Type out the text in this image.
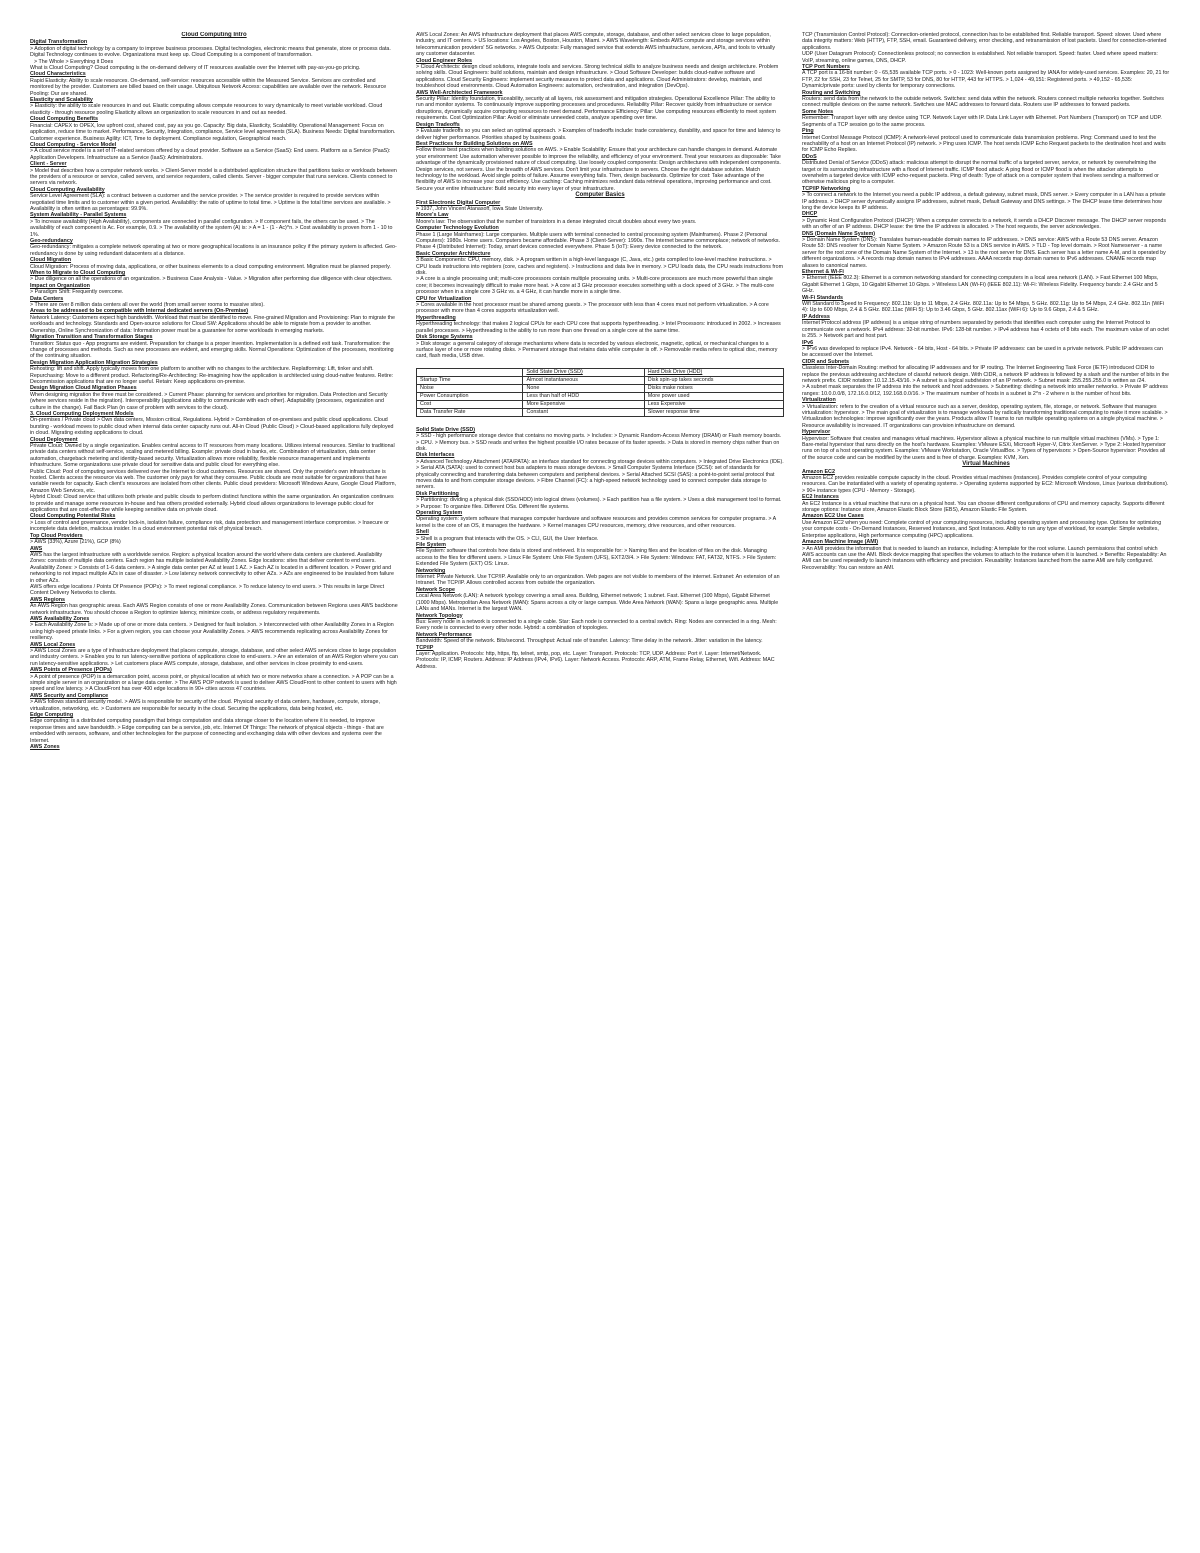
Cloud Computing Intro
Digital Transformation
> Adoption of digital technology by a company to improve business processes. Digital technologies, electronic means that generate, store or process data. Digital Technology continues to evolve. Organizations must keep up. Cloud Computing is a component of transformation.
> The Whole > Everything it Does
What is Cloud Computing? Cloud computing is the on-demand delivery of IT resources available over the Internet with pay-as-you-go pricing.
Cloud Characteristics
Rapid Elasticity: Ability to scale resources. On-demand, self-service: resources accessible within the Measured Service. Services are controlled and monitored by the provider. Customers are billed based on their usage. Ubiquitous Network Access: capabilities are available over the network. Resource Pooling: Our are shared.
Elasticity and Scalability
> Elasticity: the ability to scale resources in and out. Elastic computing allows compute resources to vary dynamically to meet variable workload. Cloud elasticity - through resource pooling Elasticity allows an organization to scale resources in and out as needed.
Cloud Computing Benefits
Financial: CAPEX to OPEX, low upfront cost, shared cost, pay as you go. Capacity: Big data, Elasticity, Scalability. Operational Management: Focus on application, reduce time to market. Performance, Security, Integration, compliance, Service level agreements (SLA). Business Needs: Digital transformation. Customer experience. Business Agility: ICT, Time to deployment. Compliance regulation, Geographical reach.
Cloud Computing - Service Model
> A cloud service model is a set of IT-related services offered by a cloud provider. Software as a Service (SaaS): End users. Platform as a Service (PaaS): Application Developers. Infrastructure as a Service (IaaS): Administrators.
Client - Server
> Model that describes how a computer network works. > Client-Server model is a distributed application structure that partitions tasks or workloads between the providers of a resource or service, called servers, and service requesters, called clients. Server - bigger computer that runs services. Clients connect to servers via network.
Cloud Computing Availability
Service Level Agreement (SLA): a contract between a customer and the service provider. > The service provider is required to provide services within negotiated time limits and to customer within a given period. Availability: the ratio of uptime to total time. > Uptime is the total time services are available. > Availability is often written as percentages: 99.9%.
System Availability - Parallel Systems
> To increase availability (High Availability), components are connected in parallel configuration. > If component fails, the others can be used. > The availability of each component is Ac. For example, 0.9. > The availability of the system (A) is: > A = 1 - (1 - Ac)^n. > Cost availability is proven from 1 - 10 to 1%.
Geo-redundancy
Geo-redundancy: mitigates a complete network operating at two or more geographical locations is an insurance policy if the primary system is affected. Geo-redundancy is done by using redundant datacenters at a distance.
Cloud Migration
Cloud Migration: Process of moving data, applications, or other business elements to a cloud computing environment. Migration must be planned properly.
When to Migrate to Cloud Computing
> Due diligence on all the operations of an organization. > Business Case Analysis - Value. > Migration after performing due diligence with clear objectives.
Impact on Organization
> Paradigm Shift: Frequently overcome.
Data Centers
> There are over 8 million data centers all over the world (from small server rooms to massive sites).
Areas to be addressed to be compatible with Internal dedicated servers (On-Premise)
Network Latency: Customers expect high bandwidth. Workload that must be identified to move. Fine-grained Migration and Provisioning: Plan to migrate the workloads and technology. Standards and Open-source solutions for Cloud SW: Applications should be able to migrate from a provider to another. Ownership, Online Synchronization of data: Information power must be a guarantee for some workloads in emerging markets.
Migration Transition and Transformation Stages
Transition: Status quo - App programs are evident. Preparation for change is a proper invention. Implementation is a defined exit task. Transformation: the change of processes and methods. Such as new processes are evident, and emerging skills. Normal Operations: Optimization of the processes, monitoring of the continuing situation.
Design Migration Application Migration Strategies
Rehosting: lift and shift. Apply typically moves from one platform to another with no changes to the architecture. Replatforming: Lift, tinker and shift. Repurchasing: Move to a different product. Refactoring/Re-Architecting: Re-imagining how the application is architected using cloud-native features. Retire: Decommission applications that are no longer useful. Retain: Keep applications on-premise.
Design Migration Cloud Migration Phases
When designing migration the three must be considered. > Current Phase: planning for services and priorities for migration. Data Protection and Security (where services reside in the migration). Interoperability (applications ability to communicate with each other). Adaptability (processes, organization and culture in the change). Fail Back Plan (in case of problem with services to the cloud).
3. Cloud Computing Deployment Models
On-premises / Private cloud > Own data centers, Mission critical, Regulations. Hybrid > Combination of on-premises and public cloud applications. Cloud bursting - workload moves to public cloud when internal data center capacity runs out. All-in Cloud (Public Cloud) > Cloud-based applications fully deployed in cloud. Migrating existing applications to cloud.
Cloud Deployment
Private Cloud: Owned by a single organization. Enables central access to IT resources from many locations. Utilizes internal resources. Similar to traditional private data centers without self-service, scaling and metered billing. Example: private cloud in banks, etc. Combination of virtualization, data center automation, chargeback metering and identity-based security. Virtualization allows more reliability, flexible resource management and implements infrastructure. Some organizations use private cloud for sensitive data and public cloud for everything else.
Public Cloud: Pool of computing services delivered over the Internet to cloud customers. Resources are shared. Only the provider's own infrastructure is hosted. Clients access the resource via web. The customer only pays for what they consume. Public clouds are most suitable for organizations that have variable needs for capacity. Each client's resources are isolated from other clients. Public cloud providers: Microsoft Windows Azure, Google Cloud Platform, Amazon Web Services, etc.
Hybrid Cloud: Cloud service that utilizes both private and public clouds to perform distinct functions within the same organization. An organization continues to provide and manage some resources in-house and has others provided externally. Hybrid cloud allows organizations to leverage public cloud for applications that are cost-effective while keeping sensitive data on private cloud.
Cloud Computing Potential Risks
> Loss of control and governance, vendor lock-in, isolation failure, compliance risk, data protection and management interface compromise. > Insecure or incomplete data deletion, malicious insider. In a cloud environment potential risk of physical breach.
Top Cloud Providers
> AWS (33%), Azure (21%), GCP (8%)
AWS
AWS has the largest infrastructure with a worldwide service. Region: a physical location around the world where data centers are clustered. Availability Zones: consists of multiple data centers. Each region has multiple isolated Availability Zones. Edge locations: sites that deliver content to end users.
Availability Zones: > Consists of 1-6 data centers. > A single data center per AZ at least 1 AZ. > Each AZ is located in a different location. > Power grid and networking to not impact multiple AZs in case of disaster. > Low latency network connectivity to other AZs. > AZs are engineered to be insulated from failure in other AZs.
AWS offers edge locations / Points Of Presence (POPs): > To meet regional compliance. > To reduce latency to end users. > This results in large Direct Content Delivery Networks to clients.
AWS Regions
An AWS Region has geographic areas. Each AWS Region consists of one or more Availability Zones. Communication between Regions uses AWS backbone network infrastructure. You should choose a Region to optimize latency, minimize costs, or address regulatory requirements.
AWS Availability Zones
> Each Availability Zone is: > Made up of one or more data centers. > Designed for fault isolation. > Interconnected with other Availability Zones in a Region using high-speed private links. > For a given region, you can choose your Availability Zones. > AWS recommends replicating across Availability Zones for resiliency.
AWS Local Zones
> AWS Local Zones are a type of infrastructure deployment that places compute, storage, database, and other select AWS services close to large population and industry centers. > Enables you to run latency-sensitive portions of applications close to end-users. > Are an extension of an AWS Region where you can run latency-sensitive applications. > Let customers place AWS compute, storage, database, and other services in close proximity to end-users.
AWS Points of Presence (POPs)
> A point of presence (POP) is a demarcation point, access point, or physical location at which two or more networks share a connection. > A POP can be a simple single server in an organization or a large data center. > The AWS POP network is used to deliver AWS CloudFront to other content to users with high speed and low latency. > A CloudFront has over 400 edge locations in 90+ cities across 47 countries.
AWS Security and Compliance
> AWS follows standard security model. > AWS is responsible for security of the cloud. Physical security of data centers, hardware, compute, storage, virtualization, networking, etc. > Customers are responsible for security in the cloud. Securing the applications, data being hosted, etc.
Edge Computing
Edge computing: is a distributed computing paradigm that brings computation and data storage closer to the location where it is needed, to improve response times and save bandwidth. > Edge computing can be a service, job, etc. Internet Of Things: The network of physical objects - things - that are embedded with sensors, software, and other technologies for the purpose of connecting and exchanging data with other devices and systems over the Internet.
AWS Zones
AWS Local Zones: An AWS infrastructure deployment that places AWS compute, storage, database, and other select services close to large population, industry, and IT centers. > US locations: Los Angeles, Boston, Houston, Miami. > AWS Wavelength: Embeds AWS compute and storage services within telecommunication providers' 5G networks. > AWS Outposts: Fully managed service that extends AWS infrastructure, services, APIs, and tools to virtually any customer datacenter.
Cloud Engineer Roles
> Cloud Architects: design cloud solutions, integrate tools and services. Strong technical skills to analyze business needs and design architecture. Problem solving skills. Cloud Engineers: build solutions, maintain and design infrastructure. > Cloud Software Developer: builds cloud-native software and applications. Cloud Security Engineers: implement security measures to protect data and applications. Cloud Administrators: develop, maintain, and troubleshoot cloud environments. Cloud Automation Engineers: automation, orchestration, and integration (DevOps).
AWS Well-Architected Framework
Security Pillar: Identity foundation, traceability, security at all layers, risk assessment and mitigation strategies. Operational Excellence Pillar: The ability to run and monitor systems. To continuously improve supporting processes and procedures. Reliability Pillar: Recover quickly from infrastructure or service disruptions, dynamically acquire computing resources to meet demand. Performance Efficiency Pillar: Use computing resources efficiently to meet system requirements. Cost Optimization Pillar: Avoid or eliminate unneeded costs, analyze spending over time.
Design Tradeoffs
> Evaluate tradeoffs so you can select an optimal approach. > Examples of tradeoffs include: trade consistency, durability, and space for time and latency to deliver higher performance. Priorities shaped by business goals.
Best Practices for Building Solutions on AWS
Follow these best practices when building solutions on AWS. > Enable Scalability: Ensure that your architecture can handle changes in demand. Automate your environment: Use automation wherever possible to improve the reliability, and efficiency of your environment. Treat your resources as disposable: Take advantage of the dynamically provisioned nature of cloud computing. Use loosely coupled components: Design architectures with independent components. Design services, not servers. Use the breadth of AWS services. Don't limit your infrastructure to servers. Choose the right database solution. Match technology to the workload. Avoid single points of failure. Assume everything fails. Then, design backwards. Optimize for cost: Take advantage of the flexibility of AWS to increase your cost efficiency. Use caching: Caching minimizes redundant data retrieval operations, improving performance and cost. Secure your entire infrastructure: Build security into every layer of your infrastructure.
Computer Basics
First Electronic Digital Computer
> 1937, John Vincent Atanasoff, Iowa State University.
Moore's Law
Moore's law: The observation that the number of transistors in a dense integrated circuit doubles about every two years.
Computer Technology Evolution
Phase 1 (Large Mainframes): Large companies. Multiple users with terminal connected to central processing system (Mainframes). Phase 2 (Personal Computers): 1980s. Home users. Computers became affordable. Phase 3 (Client-Server): 1990s. The Internet became commonplace; network of networks. Phase 4 (Distributed Internet): Today, smart devices connected everywhere. Phase 5 (IoT): Every device connected to the network.
Basic Computer Architecture
3 Basic Components: CPU, memory, disk. > A program written in a high-level language (C, Java, etc.) gets compiled to low-level machine instructions. > CPU loads instructions into registers (core, caches and registers). > Instructions and data live in memory. > CPU loads data, the CPU reads instructions from disk.
> A core is a single processing unit; multi-core processors contain multiple processing units. > Multi-core processors are much more powerful than single core; it becomes increasingly difficult to make more heat. > A core at 3 GHz processor executes something with a clock speed of 3 GHz. > The multi-core processor when in a single core 3 GHz vs. a 4 GHz, it can handle more in a single time.
CPU for Virtualization
> Cores available in the host processor must be shared among guests. > The processor with less than 4 cores must not perform virtualization. > A core processor with more than 4 cores supports virtualization well.
Hyperthreading
Hyperthreading technology: that makes 2 logical CPUs for each CPU core that supports hyperthreading. > Intel Processors: introduced in 2002. > Increases parallel processes. > Hyperthreading is the ability to run more than one thread on a single core at the same time.
Disk Storage Systems
> Disk storage: a general category of storage mechanisms where data is recorded by various electronic, magnetic, optical, or mechanical changes to a surface layer of one or more rotating disks. > Permanent storage that retains data while computer is off. > Removable media refers to optical disc, memory card, flash media, USB drive.
	Solid State Drive (SSD)	Hard Disk Drive (HDD)
Startup Time	Almost instantaneous	Disk spin-up takes seconds
Noise	None	Disks make noises
Power Consumption	Less than half of HDD	More power used
Cost	More Expensive	Less Expensive
Data Transfer Rate	Constant	Slower response time
Solid State Drive (SSD)
> SSD - high performance storage device that contains no moving parts. > Includes: > Dynamic Random-Access Memory (DRAM) or Flash memory boards. > CPU. > Memory bus. > SSD reads and writes the highest possible I/O rates because of its faster speeds. > Data is stored in memory chips rather than on disk.
Disk Interfaces
> Advanced Technology Attachment (ATA/PATA): an interface standard for connecting storage devices within computers. > Integrated Drive Electronics (IDE). > Serial ATA (SATA): used to connect host bus adapters to mass storage devices. > Small Computer Systems Interface (SCSI): set of standards for physically connecting and transferring data between computers and peripheral devices. > Serial Attached SCSI (SAS): a point-to-point serial protocol that moves data to and from computer storage devices. > Fibre Channel (FC): a high-speed network technology used to connect computer data storage to servers.
Disk Partitioning
> Partitioning: dividing a physical disk (SSD/HDD) into logical drives (volumes). > Each partition has a file system. > Uses a disk management tool to format. > Purpose: To organize files. Different OSs. Different file systems.
Operating System
Operating system: system software that manages computer hardware and software resources and provides common services for computer programs. > A kernel is the core of an OS, it manages the hardware. > Kernel manages CPU resources, memory, drive resources, and other resources.
Shell
> Shell is a program that interacts with the OS. > CLI, GUI, the User Interface.
File System
File System: software that controls how data is stored and retrieved. It is responsible for: > Naming files and the location of files on the disk. Managing access to the files for different users. > Linux File System: Unix File System (UFS), EXT2/3/4. > File System: Windows: FAT, FAT32, NTFS. > File System: Extended File System (EXT) OS: Linux.
Networking
Internet: Private Network. Use TCP/IP. Available only to an organization. Web pages are not visible to members of the internet. Extranet: An extension of an Intranet. The TCP/IP. Allows controlled access from outside the organization.
Network Scope
Local Area Network (LAN): A network typology covering a small area. Building, Ethernet network; 1 subnet. Fast. Ethernet (100 Mbps), Gigabit Ethernet (1000 Mbps). Metropolitan Area Network (MAN): Spans across a city or large campus. Wide Area Network (WAN): Spans a large geographic area. Multiple LANs and MANs. Internet is the largest WAN.
Network Topology
Bus: Every node in a network is connected to a single cable. Star: Each node is connected to a central switch. Ring: Nodes are connected in a ring. Mesh: Every node is connected to every other node. Hybrid: a combination of topologies.
Network Performance
Bandwidth: Speed of the network. Bits/second. Throughput: Actual rate of transfer. Latency: Time delay in the network. Jitter: variation in the latency.
TCP/IP
Layer: Application. Protocols: http, https, ftp, telnet, smtp, pop, etc. Layer: Transport. Protocols: TCP, UDP. Address: Port #. Layer: Internet/Network. Protocols: IP, ICMP, Routers. Address: IP Address (IPv4, IPv6). Layer: Network Access. Protocols: ARP, ATM, Frame Relay, Ethernet, Wifi. Address: MAC Address.
TCP (Transmission Control Protocol): Connection-oriented protocol, connection has to be established first. Reliable transport. Speed: slower. Used where data integrity matters: Web (HTTP), FTP, SSH, email. Guaranteed delivery, error checking, and retransmission of lost packets. Used for connection-oriented applications.
UDP (User Datagram Protocol): Connectionless protocol; no connection is established. Not reliable transport. Speed: faster. Used where speed matters: VoIP, streaming, online games, DNS, DHCP.
TCP Port Numbers
A TCP port is a 16-bit number: 0 - 65,535 available TCP ports. > 0 - 1023: Well-known ports assigned by IANA for widely-used services. Examples: 20, 21 for FTP, 22 for SSH, 23 for Telnet, 25 for SMTP, 53 for DNS, 80 for HTTP, 443 for HTTPS. > 1,024 - 49,151: Registered ports. > 49,152 - 65,535: Dynamic/private ports: used by clients for temporary connections.
Routing and Switching
Routers: send data from the network to the outside network. Switches: send data within the network. Routers connect multiple networks together. Switches connect multiple devices on the same network. Switches use MAC addresses to forward data. Routers use IP addresses to forward packets.
Some Notes
Remember: Transport layer with any device using TCP. Network Layer with IP. Data Link Layer with Ethernet. Port Numbers (Transport) on TCP and UDP. Segments of a TCP session go to the same process.
Ping
Internet Control Message Protocol (ICMP): A network-level protocol used to communicate data transmission problems. Ping: Command used to test the reachability of a host on an Internet Protocol (IP) network. > Ping uses ICMP. The host sends ICMP Echo Request packets to the destination host and waits for ICMP Echo Replies.
DDoS
Distributed Denial of Service (DDoS) attack: malicious attempt to disrupt the normal traffic of a targeted server, service, or network by overwhelming the target or its surrounding infrastructure with a flood of Internet traffic. ICMP flood attack: A ping flood or ICMP flood is when the attacker attempts to overwhelm a targeted device with ICMP echo-request packets. Ping of death: Type of attack on a computer system that involves sending a malformed or otherwise malicious ping to a computer.
TCP/IP Networking
> To connect a network to the Internet you need a public IP address, a default gateway, subnet mask, DNS server. > Every computer in a LAN has a private IP address. > DHCP server dynamically assigns IP addresses, subnet mask, Default Gateway and DNS settings. > The DHCP lease time determines how long the device keeps its IP address.
DHCP
> Dynamic Host Configuration Protocol (DHCP): When a computer connects to a network, it sends a DHCP Discover message. The DHCP server responds with an offer of an IP address. DHCP lease: the time the IP address is allocated. > The host requests, the server acknowledges.
DNS (Domain Name System)
> Domain Name System (DNS): Translates human-readable domain names to IP addresses. > DNS service: AWS with a Route 53 DNS server. Amazon Route 53: DNS resolver for Domain Name System. > Amazon Route 53 is a DNS service in AWS. > TLD - Top level domain. > Root Nameserver - a name server for the root zone of the Domain Name System of the Internet. > 13 is the root server for DNS. Each server has a letter name A-M, and is operated by different organizations. > A records map domain names to IPv4 addresses. AAAA records map domain names to IPv6 addresses. CNAME records map aliases to canonical names.
Ethernet & Wi-Fi
> Ethernet (IEEE 802.3): Ethernet is a common networking standard for connecting computers in a local area network (LAN). > Fast Ethernet 100 Mbps, Gigabit Ethernet 1 Gbps, 10 Gigabit Ethernet 10 Gbps. > Wireless LAN (Wi-Fi) (IEEE 802.11): Wi-Fi: Wireless Fidelity. Frequency bands: 2.4 GHz and 5 GHz.
Wi-Fi Standards
Wifi Standard to Speed to Frequency: 802.11b: Up to 11 Mbps, 2.4 GHz. 802.11a: Up to 54 Mbps, 5 GHz. 802.11g: Up to 54 Mbps, 2.4 GHz. 802.11n (WiFi 4): Up to 600 Mbps, 2.4 & 5 GHz. 802.11ac (WiFi 5): Up to 3.46 Gbps, 5 GHz. 802.11ax (WiFi 6): Up to 9.6 Gbps, 2.4 & 5 GHz.
IP Address
Internet Protocol address (IP address) is a unique string of numbers separated by periods that identifies each computer using the Internet Protocol to communicate over a network. IPv4 address: 32-bit number. IPv6: 128-bit number. > IPv4 address has 4 octets of 8 bits each. The maximum value of an octet is 255. > Network part and host part.
IPv6
> IPv6 was developed to replace IPv4. Network - 64 bits, Host - 64 bits. > Private IP addresses: can be used in a private network. Public IP addresses can be accessed over the Internet.
CIDR and Subnets
Classless Inter-Domain Routing: method for allocating IP addresses and for IP routing. The Internet Engineering Task Force (IETF) introduced CIDR to replace the previous addressing architecture of classful network design. With CIDR, a network IP address is followed by a slash and the number of bits in the network prefix. CIDR notation: 10.12.15.43/16. > A subnet is a logical subdivision of an IP network. > Subnet mask: 255.255.255.0 is written as /24.
> A subnet mask separates the IP address into the network and host addresses. > Subnetting: dividing a network into smaller networks. > Private IP address ranges: 10.0.0.0/8, 172.16.0.0/12, 192.168.0.0/16. > The maximum number of hosts in a subnet is 2^n - 2 where n is the number of host bits.
Virtualization
> Virtualization: refers to the creation of a virtual resource such as a server, desktop, operating system, file, storage, or network. Software that manages virtualization: hypervisor. > The main goal of virtualization is to manage workloads by radically transforming traditional computing to make it more scalable. > Virtualization technologies: improve significantly over the years. Products allow IT teams to run multiple operating systems on a single physical machine. > Resource availability is increased. IT organizations can provision infrastructure on demand.
Hypervisor
Hypervisor: Software that creates and manages virtual machines. Hypervisor allows a physical machine to run multiple virtual machines (VMs). > Type 1: Bare-metal hypervisor that runs directly on the host's hardware. Examples: VMware ESXi, Microsoft Hyper-V, Citrix XenServer. > Type 2: Hosted hypervisor runs on top of a host operating system. Examples: VMware Workstation, Oracle VirtualBox. > Types of hypervisors: > Open-Source hypervisor: Provides all of the source code and can be modified by the users and is free of charge. Examples: KVM, Xen.
Virtual Machines
Amazon EC2
Amazon EC2 provides resizable compute capacity in the cloud. Provides virtual machines (instances). Provides complete control of your computing resources. Can be instantiated with a variety of operating systems. > Operating systems supported by EC2: Microsoft Windows, Linux (various distributions). > 90+ instance types (CPU - Memory - Storage).
EC2 Instances
An EC2 Instance is a virtual machine that runs on a physical host. You can choose different configurations of CPU and memory capacity. Supports different storage options: Instance store, Amazon Elastic Block Store (EBS), Amazon Elastic File System.
Amazon EC2 Use Cases
Use Amazon EC2 when you need: Complete control of your computing resources, including operating system and processing type. Options for optimizing your compute costs - On-Demand Instances, Reserved Instances, and Spot Instances. Ability to run any type of workload, for example: Simple websites, Enterprise applications, High performance computing (HPC) applications.
Amazon Machine Image (AMI)
> An AMI provides the information that is needed to launch an instance, including: A template for the root volume. Launch permissions that control which AWS accounts can use the AMI. Block device mapping that specifies the volumes to attach to the instance when it is launched. > Benefits: Repeatability: An AMI can be used repeatedly to launch instances with efficiency and precision. Reusability: Instances launched from the same AMI are fully configured. Recoverability: You can restore an AMI.
